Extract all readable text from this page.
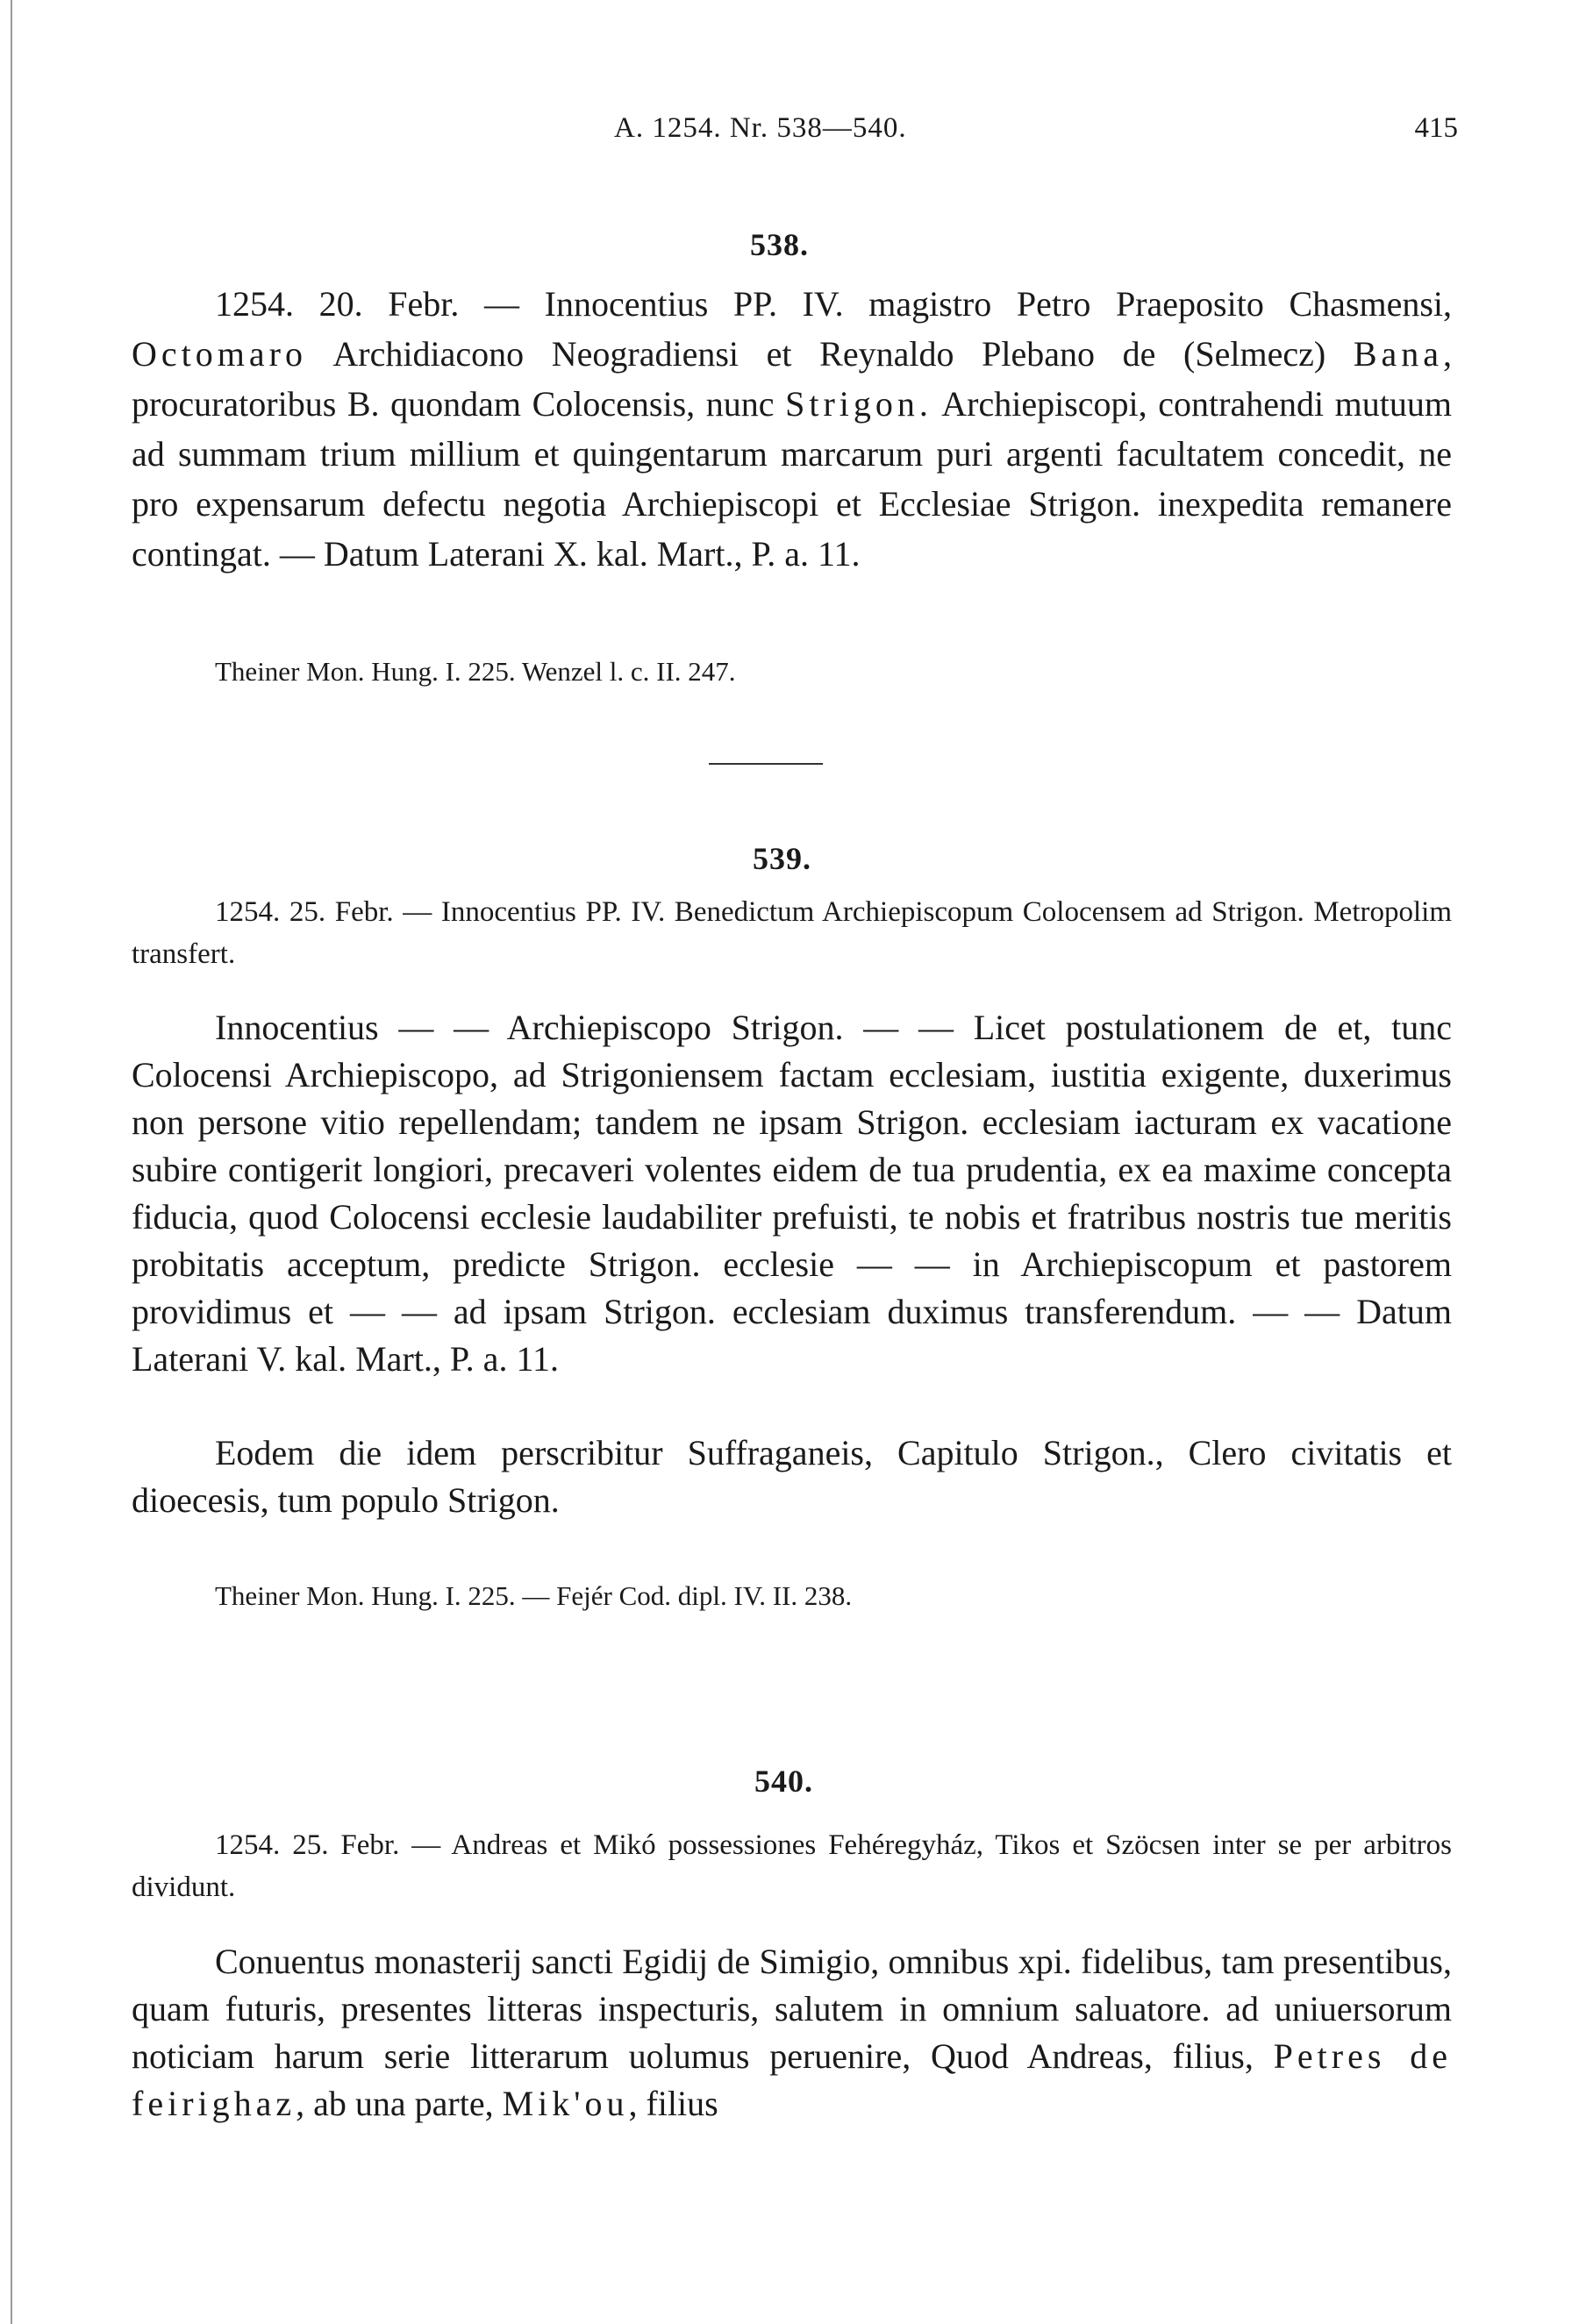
A. 1254. Nr. 538—540.	415
538.
1254. 20. Febr. — Innocentius PP. IV. magistro Petro Praeposito Chasmensi, Octomaro Archidiacono Neogradiensi et Reynaldo Plebano de (Selmecz) Bana, procuratoribus B. quondam Colocensis, nunc Strigon. Archiepiscopi, contrahendi mutuum ad summam trium millium et quingentarum marcarum puri argenti facultatem concedit, ne pro expensarum defectu negotia Archiepiscopi et Ecclesiae Strigon. inexpedita remanere contingat. — Datum Laterani X. kal. Mart., P. a. 11.
Theiner Mon. Hung. I. 225. Wenzel l. c. II. 247.
539.
1254. 25. Febr. — Innocentius PP. IV. Benedictum Archiepiscopum Colocensem ad Strigon. Metropolim transfert.
Innocentius — — Archiepiscopo Strigon. — — Licet postulationem de et, tunc Colocensi Archiepiscopo, ad Strigoniensem factam ecclesiam, iustitia exigente, duxerimus non persone vitio repellendam; tandem ne ipsam Strigon. ecclesiam iacturam ex vacatione subire contigerit longiori, precaveri volentes eidem de tua prudentia, ex ea maxime concepta fiducia, quod Colocensi ecclesie laudabiliter prefuisti, te nobis et fratribus nostris tue meritis probitatis acceptum, predicte Strigon. ecclesie — — in Archiepiscopum et pastorem providimus et — — ad ipsam Strigon. ecclesiam duximus transferendum. — — Datum Laterani V. kal. Mart., P. a. 11.
Eodem die idem perscribitur Suffraganeis, Capitulo Strigon., Clero civitatis et dioecesis, tum populo Strigon.
Theiner Mon. Hung. I. 225. — Fejér Cod. dipl. IV. II. 238.
540.
1254. 25. Febr. — Andreas et Mikó possessiones Fehéregyház, Tikos et Szöcsen inter se per arbitros dividunt.
Conuentus monasterij sancti Egidij de Simigio, omnibus xpi. fidelibus, tam presentibus, quam futuris, presentes litteras inspecturis, salutem in omnium saluatore. ad uniuersorum noticiam harum serie litterarum uolumus peruenire, Quod Andreas, filius, Petres de feirighaz, ab una parte, Mik'ou, filius
